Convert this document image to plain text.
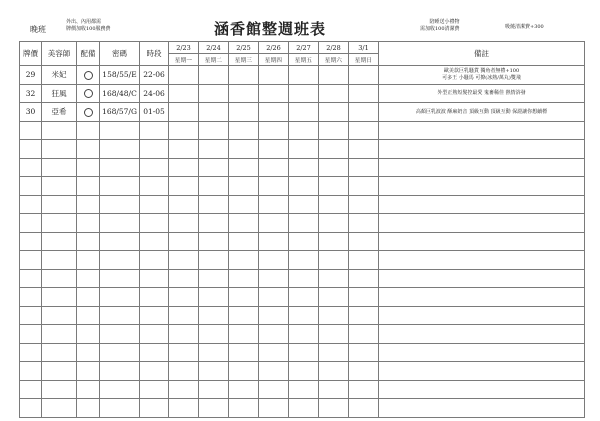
晚班
外出、內用都需
牌價加收100服務費	涵香館整週班表	陪睡送小禮物
需加收100清潔費	吸燒清潔費+300
牌價	美容師	配備	密碼	時段	2/23	2/24	2/25	2/26	2/27	2/28	3/1	備註
					星期一	星期二	星期三	星期四	星期五	星期六	星期日	
29	米妃		158/55/E	22-06								歐美款巨乳騷貨 獨角者無禮+100
可多王 小騷馬 可撩(冰熱/萬丸)雙飛

32	狂風		168/48/C	24-06								外型正熟短髮控最愛 鬼畜稀佳 熱情浴發

30	亞希		168/57/G	01-05								高顏巨乳波波 酥麻奶音 頂級互動 頂級互動 保證讓你想續標
